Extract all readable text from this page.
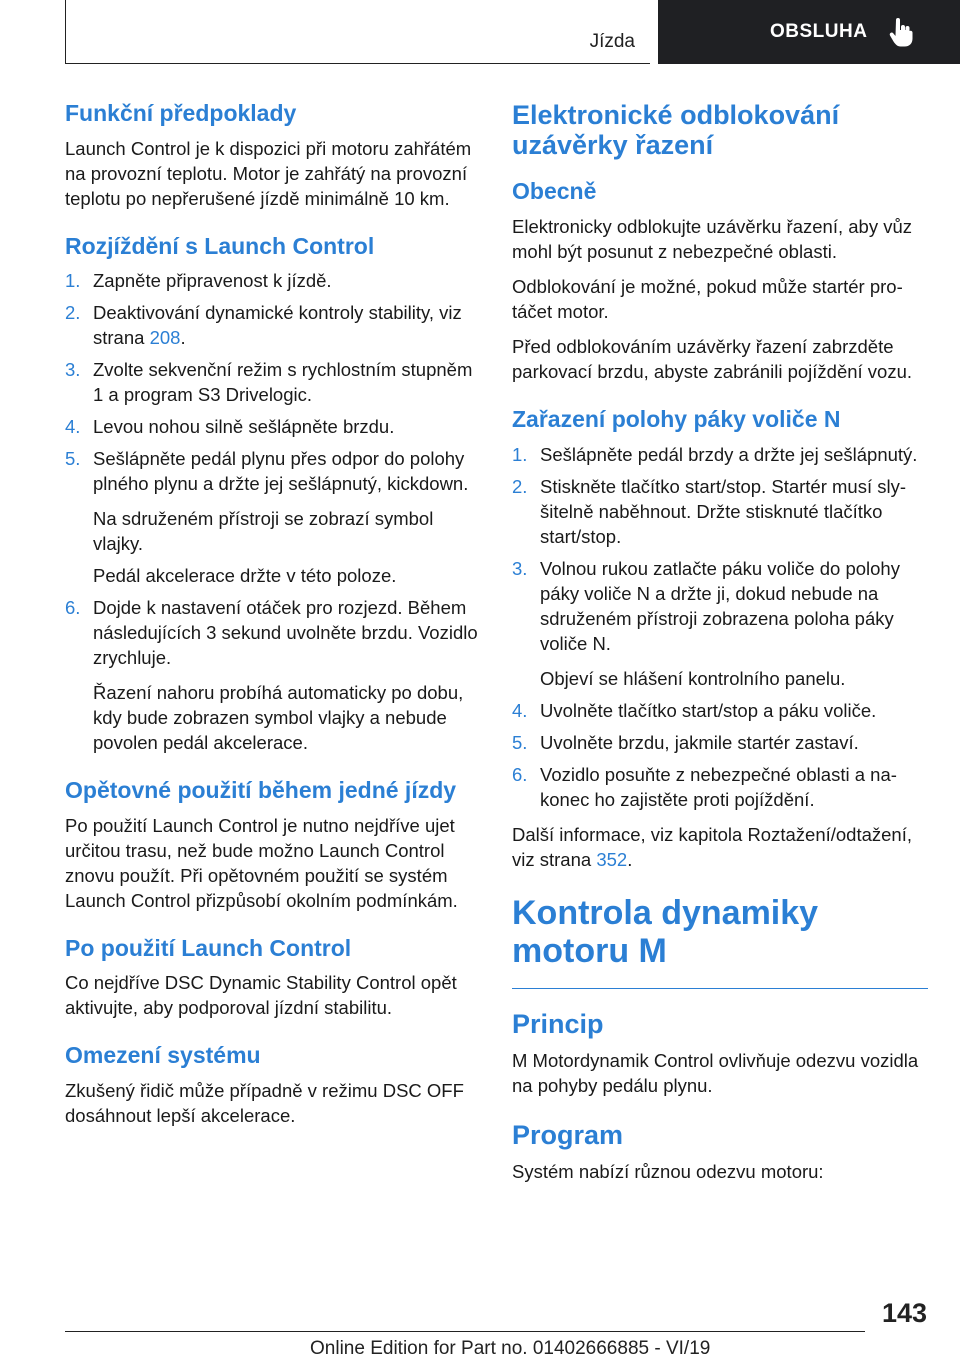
Jízda	OBSLUHA
Funkční předpoklady

Launch Control je k dispozici při motoru zahřátém na provozní teplotu. Motor je zahřátý na provozní teplotu po nepřerušené jízdě minimálně 10 km.

Rozjíždění s Launch Control
1. Zapněte připravenost k jízdě.
2. Deaktivování dynamické kontroly stability, viz strana 208.
3. Zvolte sekvenční režim s rychlostním stupněm 1 a program S3 Drivelogic.
4. Levou nohou silně sešlápněte brzdu.
5. Sešlápněte pedál plynu přes odpor do polohy plného plynu a držte jej sešlápnutý, kickdown.
Na sdruženém přístroji se zobrazí symbol vlajky.
Pedál akcelerace držte v této poloze.
6. Dojde k nastavení otáček pro rozjezd. Během následujících 3 sekund uvolněte brzdu. Vozidlo zrychluje.
Řazení nahoru probíhá automaticky po dobu, kdy bude zobrazen symbol vlajky a nebude povolen pedál akcelerace.
Opětovné použití během jedné jízdy

Po použití Launch Control je nutno nejdříve ujet určitou trasu, než bude možno Launch Control znovu použít. Při opětovném použití se systém Launch Control přizpůsobí okolním podmínkám.

Po použití Launch Control

Co nejdříve DSC Dynamic Stability Control opět aktivujte, aby podporoval jízdní stabilitu.

Omezení systému

Zkušený řidič může případně v režimu DSC OFF dosáhnout lepší akcelerace.

Elektronické odblokování uzávěrky řazení
Obecně

Elektronicky odblokujte uzávěrku řazení, aby vůz mohl být posunut z nebezpečné oblasti.

Odblokování je možné, pokud může startér protáčet motor.

Před odblokováním uzávěrky řazení zabrzděte parkovací brzdu, abyste zabránili pojíždění vozu.

Zařazení polohy páky voliče N
1. Sešlápněte pedál brzdy a držte jej sešlápnutý.
2. Stiskněte tlačítko start/stop. Startér musí slyšitelně naběhnout. Držte stisknuté tlačítko start/stop.
3. Volnou rukou zatlačte páku voliče do polohy páky voliče N a držte ji, dokud nebude na sdruženém přístroji zobrazena poloha páky voliče N.
Objeví se hlášení kontrolního panelu.
4. Uvolněte tlačítko start/stop a páku voliče.
5. Uvolněte brzdu, jakmile startér zastaví.
6. Vozidlo posuňte z nebezpečné oblasti a nakonec ho zajistěte proti pojíždění.

Další informace, viz kapitola Roztažení/odtažení, viz strana 352.

Kontrola dynamiky motoru M
Princip

M Motordynamik Control ovlivňuje odezvu vozidla na pohyby pedálu plynu.

Program

Systém nabízí různou odezvu motoru:

143
Online Edition for Part no. 01402666885 - VI/19
